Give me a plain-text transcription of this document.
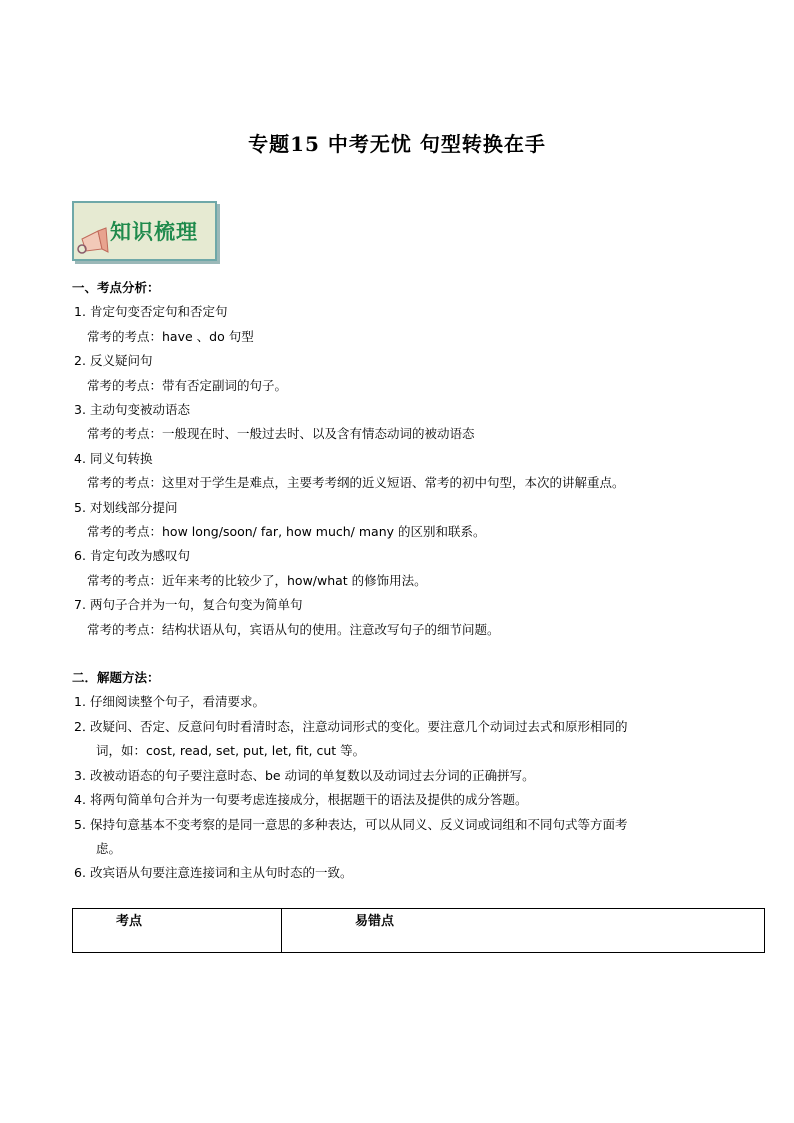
专题15 中考无忧 句型转换在手
知识梳理
一、考点分析：
1. 肯定句变否定句和否定句
常考的考点：have 、do 句型
2. 反义疑问句
常考的考点：带有否定副词的句子。
3. 主动句变被动语态
常考的考点：一般现在时、一般过去时、以及含有情态动词的被动语态
4. 同义句转换
常考的考点：这里对于学生是难点，主要考考纲的近义短语、常考的初中句型，本次的讲解重点。
5. 对划线部分提问
常考的考点：how long/soon/ far, how much/ many 的区别和联系。
6. 肯定句改为感叹句
常考的考点：近年来考的比较少了，how/what 的修饰用法。
7. 两句子合并为一句，复合句变为简单句
常考的考点：结构状语从句，宾语从句的使用。注意改写句子的细节问题。
二．解题方法：
1. 仔细阅读整个句子，看清要求。
2．
改疑问、否定、反意问句时看清时态，注意动词形式的变化。要注意几个动词过去式和原形相同的
词，如：cost, read, set, put, let, fit, cut 等。
3. 改被动语态的句子要注意时态、be 动词的单复数以及动词过去分词的正确拼写。
4. 将两句简单句合并为一句要考虑连接成分，根据题干的语法及提供的成分答题。
5. 保持句意基本不变考察的是同一意思的多种表达，可以从同义、反义词或词组和不同句式等方面考
虑。
6. 改宾语从句要注意连接词和主从句时态的一致。
考点	易错点
